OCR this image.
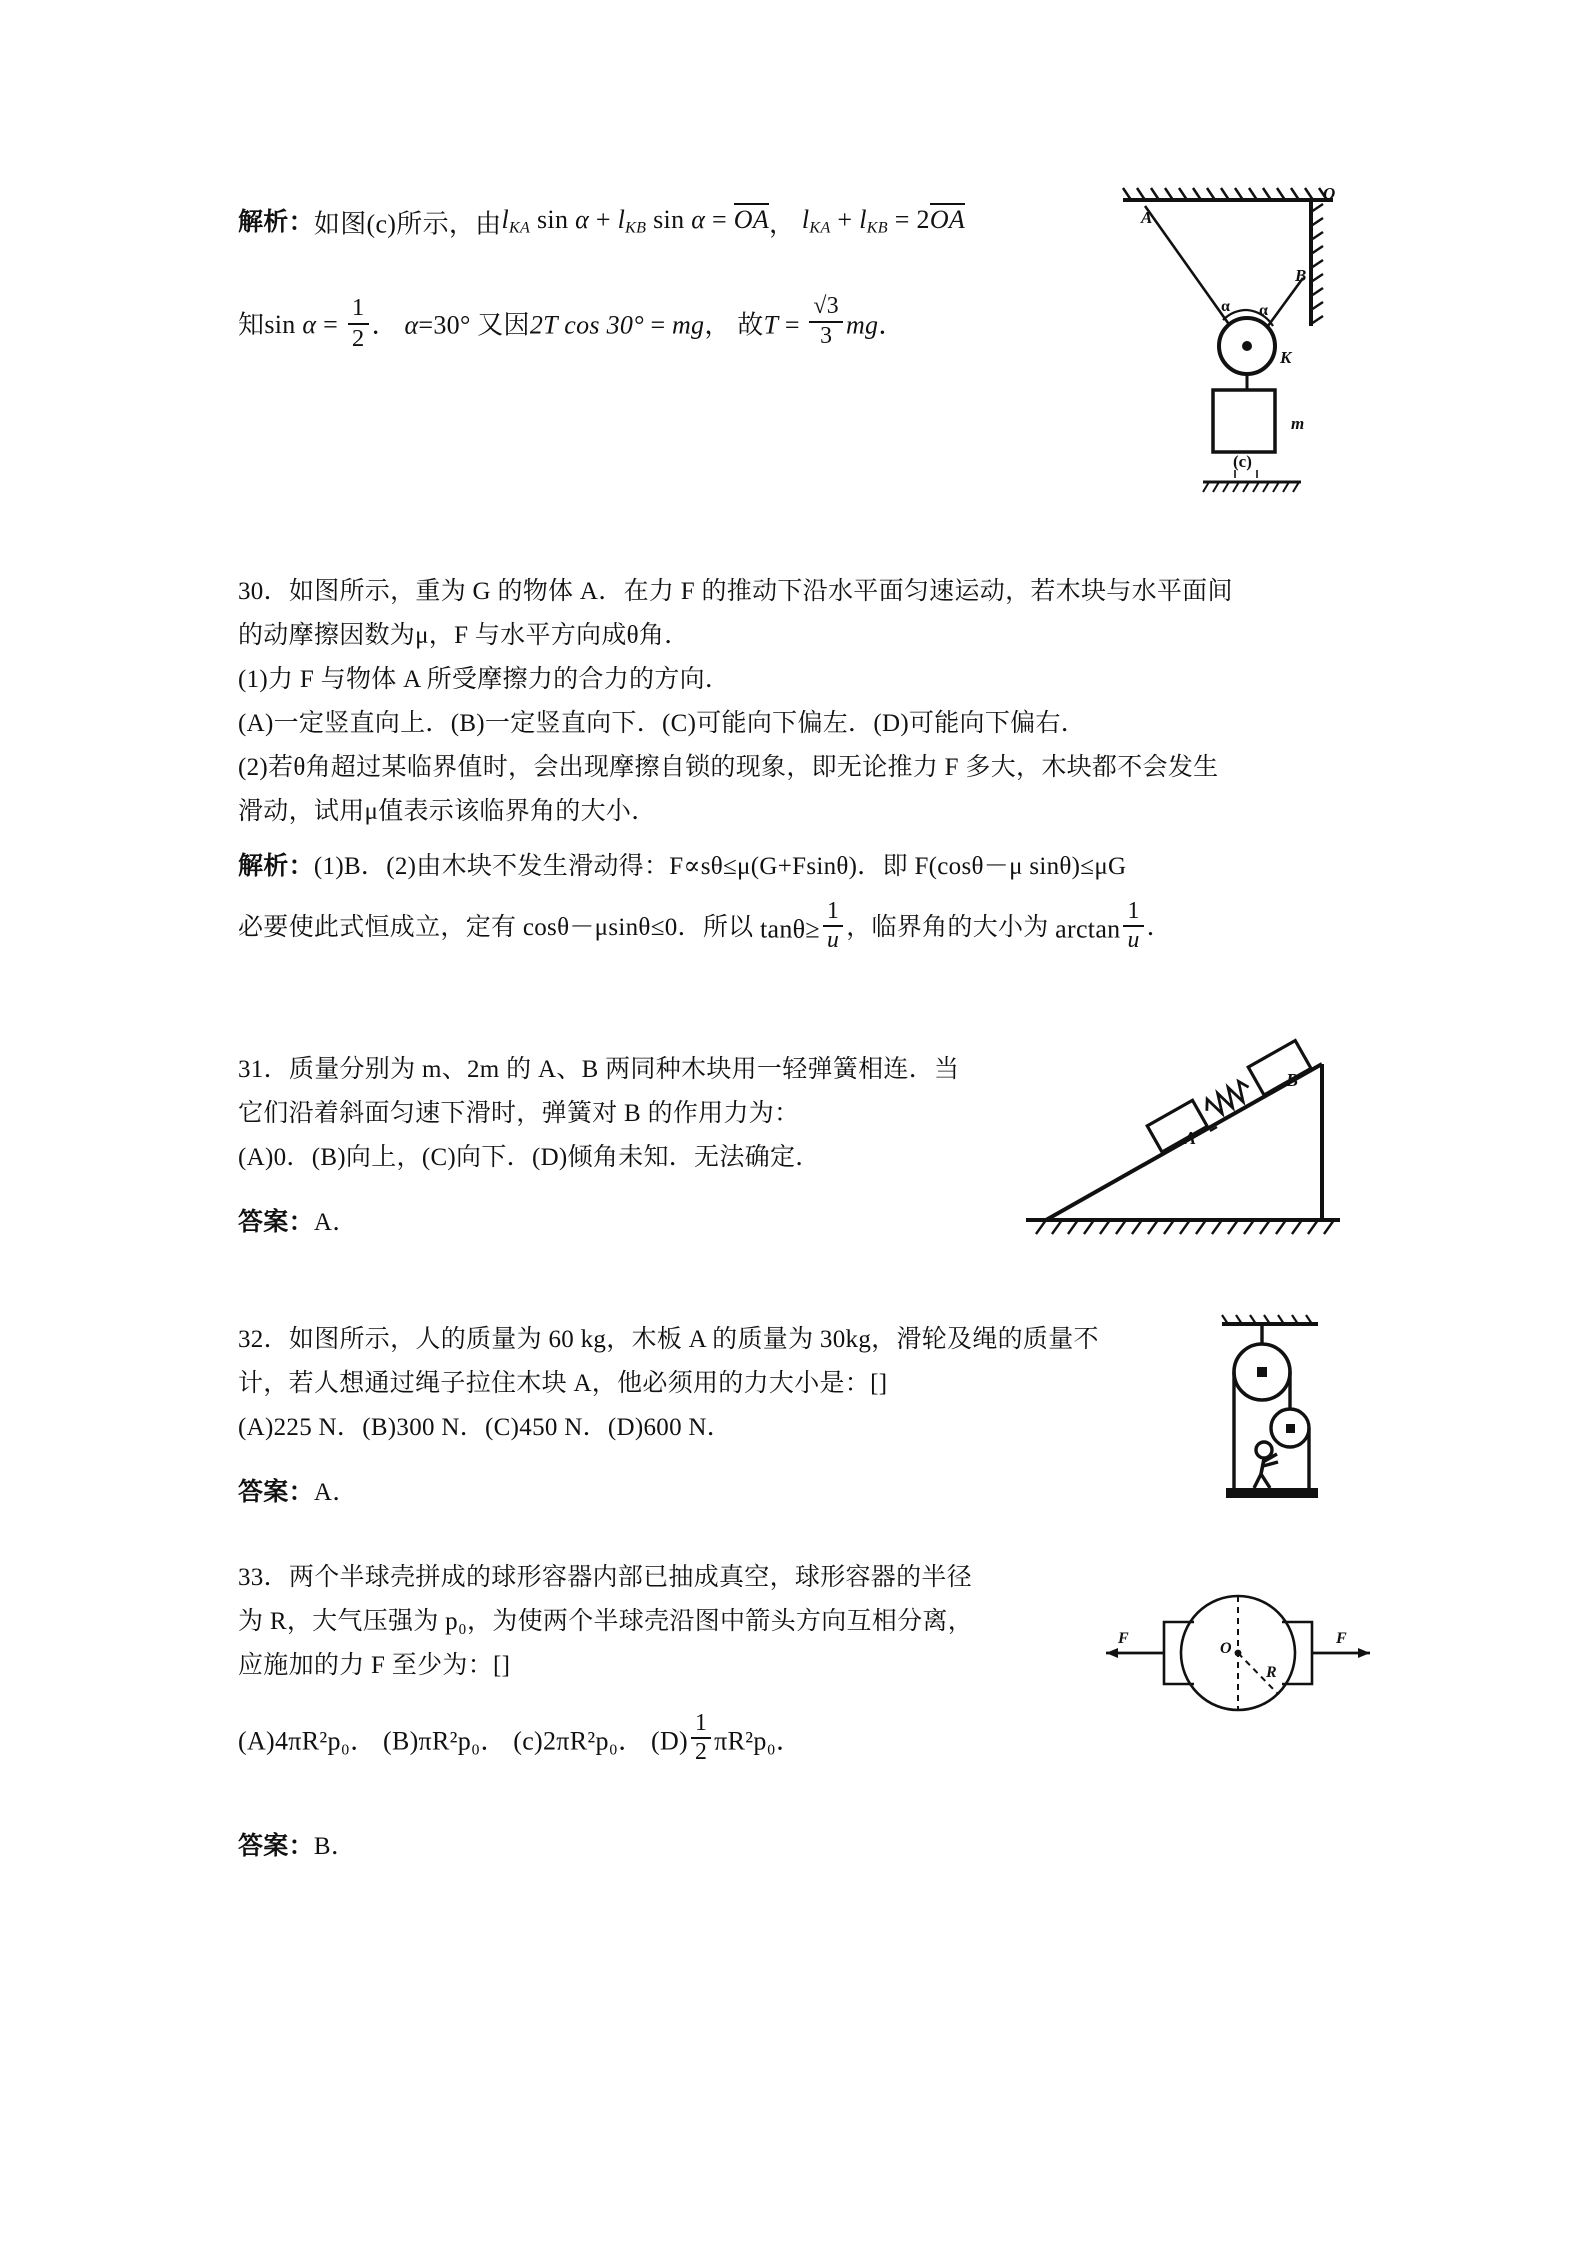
解析：如图(c)所示，由$l_{KA}$ $\sin \alpha + l_{KB}$ sin α = OA， $l_{KA} + l_{KB} = 2OA$
知$\sin \alpha = \frac{1}{2}$ ． α=30° 又因2T cos 30° = mg， 故$T = \frac{√3}{3}$ mg．
A
O
B
K
α α
m
(c)
30．如图所示，重为 G 的物体 A．在力 F 的推动下沿水平面匀速运动，若木块与水平面间
的动摩擦因数为μ，F 与水平方向成θ角．
(1)力 F 与物体 A 所受摩擦力的合力的方向．
(A)一定竖直向上．(B)一定竖直向下．(C)可能向下偏左．(D)可能向下偏右．
(2)若θ角超过某临界值时，会出现摩擦自锁的现象，即无论推力 F 多大，木块都不会发生
滑动，试用μ值表示该临界角的大小．
解析：(1)B．(2)由木块不发生滑动得：F∝sθ≤μ(G+Fsinθ)．即 F(cosθ－μ sinθ)≤μG
必要使此式恒成立，定有 cosθ－μsinθ≤0．所以 $\tan\theta\ge \frac{1}{u}$ ，临界角的大小为 $\arctan \frac{1}{u}$ ．
31．质量分别为 m、2m 的 A、B 两同种木块用一轻弹簧相连．当
它们沿着斜面匀速下滑时，弹簧对 B 的作用力为：
(A)0．(B)向上，(C)向下．(D)倾角未知．无法确定．
A
B
答案：A．
32．如图所示，人的质量为 60 kg，木板 A 的质量为 30kg，滑轮及绳的质量不
计，若人想通过绳子拉住木块 A，他必须用的力大小是：[]
(A)225 N．(B)300 N．(C)450 N．(D)600 N．
答案：A．
33．两个半球壳拼成的球形容器内部已抽成真空，球形容器的半径
为 R，大气压强为 p₀，为使两个半球壳沿图中箭头方向互相分离，
应施加的力 F 至少为：[]
(A)4πR²p₀． (B)πR²p₀． (c)2πR²p₀． $(D) \frac{1}{2} \pi R^2p_0$．
F	F
O
R
答案：B．
